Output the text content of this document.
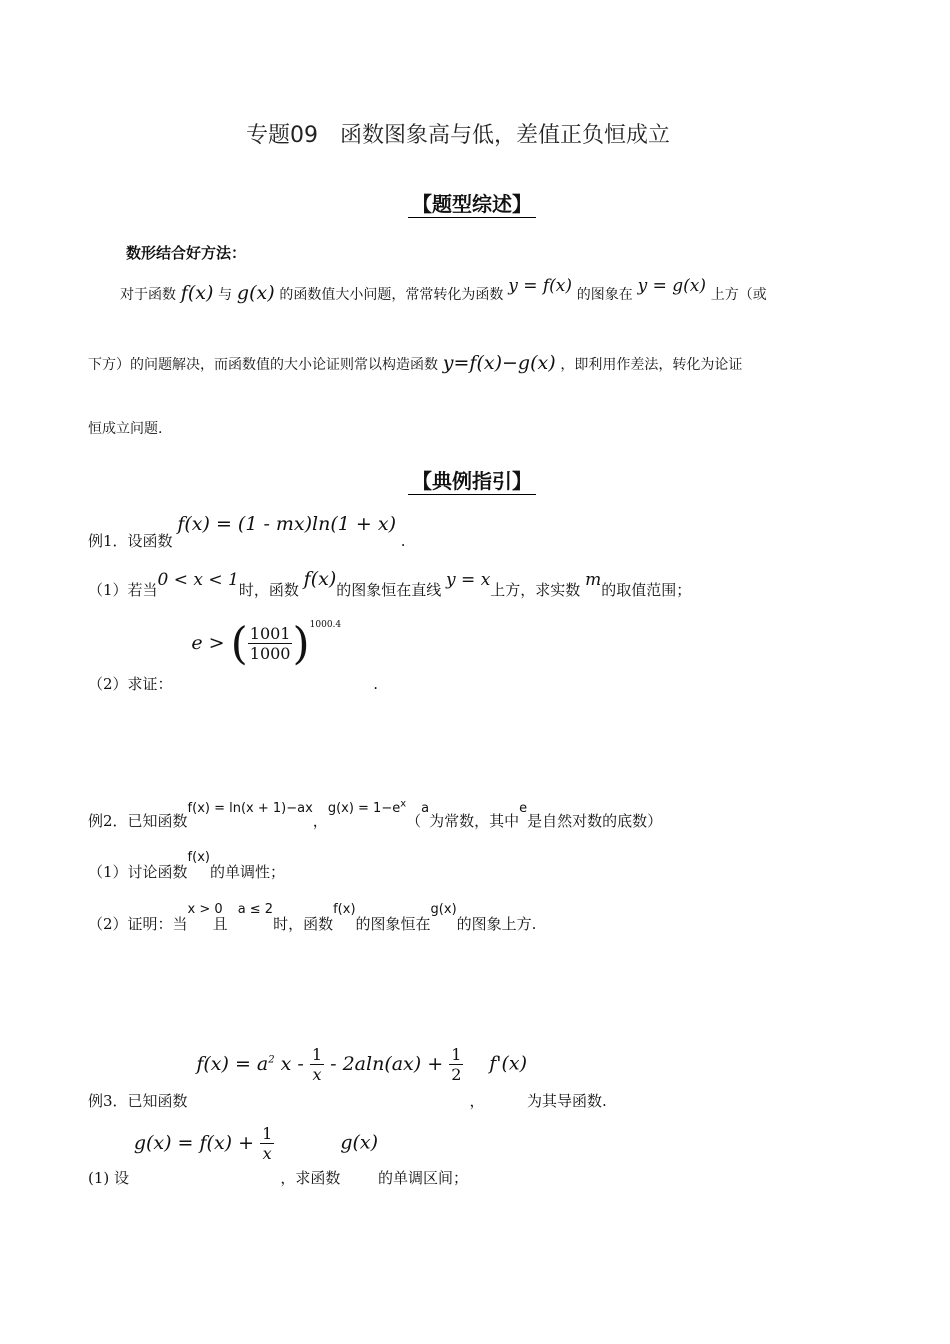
专题09　函数图象高与低，差值正负恒成立
【题型综述】
数形结合好方法：
对于函数 f(x) 与 g(x) 的函数值大小问题，常常转化为函数 y = f(x) 的图象在 y = g(x) 上方（或
下方）的问题解决，而函数值的大小论证则常以构造函数 y=f(x)−g(x) ，即利用作差法，转化为论证
恒成立问题.
【典例指引】
例1．设函数 f(x) = (1 - mx)ln(1 + x) .
（1）若当0 < x < 1时，函数 f(x)的图象恒在直线 y = x上方，求实数 m的取值范围；
（2）求证： e > ( $\frac{1001}{1000} )^{1000.4}$ .
例2．已知函数f(x) = ln(x + 1)−ax，$g(x) = 1-e^x(a$为常数，其中e是自然对数的底数）
（1）讨论函数f(x)的单调性；
（2）证明：当x > 0且a ≤ 2时，函数f(x)的图象恒在g(x)的图象上方.
例3．已知函数 $f(x) = a^2$ $x - \frac{1}{x} - 2aln(ax) + \frac{1}{2}$
， f'(x)为其导函数.
(1) 设 $g(x) = f(x) + \frac{1}{x}$
，求函数g(x)的单调区间；
